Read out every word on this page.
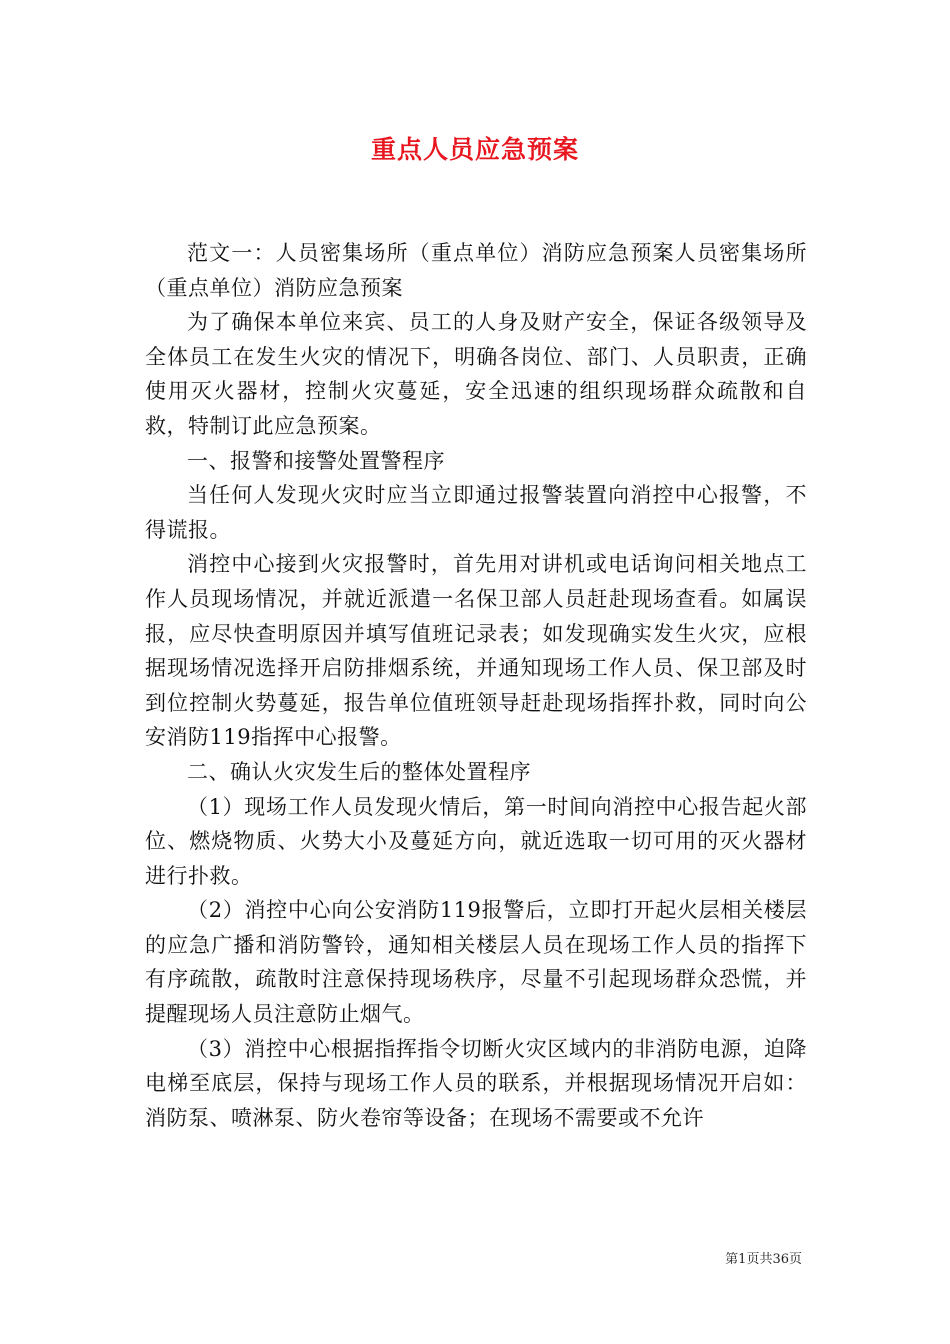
重点人员应急预案

范文一：人员密集场所（重点单位）消防应急预案人员密集场所（重点单位）消防应急预案

为了确保本单位来宾、员工的人身及财产安全，保证各级领导及全体员工在发生火灾的情况下，明确各岗位、部门、人员职责，正确使用灭火器材，控制火灾蔓延，安全迅速的组织现场群众疏散和自救，特制订此应急预案。

一、报警和接警处置警程序

当任何人发现火灾时应当立即通过报警装置向消控中心报警，不得谎报。

消控中心接到火灾报警时，首先用对讲机或电话询问相关地点工作人员现场情况，并就近派遣一名保卫部人员赶赴现场查看。如属误报，应尽快查明原因并填写值班记录表；如发现确实发生火灾，应根据现场情况选择开启防排烟系统，并通知现场工作人员、保卫部及时到位控制火势蔓延，报告单位值班领导赶赴现场指挥扑救，同时向公安消防119指挥中心报警。

二、确认火灾发生后的整体处置程序

（1）现场工作人员发现火情后，第一时间向消控中心报告起火部位、燃烧物质、火势大小及蔓延方向，就近选取一切可用的灭火器材进行扑救。

（2）消控中心向公安消防119报警后，立即打开起火层相关楼层的应急广播和消防警铃，通知相关楼层人员在现场工作人员的指挥下有序疏散，疏散时注意保持现场秩序，尽量不引起现场群众恐慌，并提醒现场人员注意防止烟气。

（3）消控中心根据指挥指令切断火灾区域内的非消防电源，迫降电梯至底层，保持与现场工作人员的联系，并根据现场情况开启如：消防泵、喷淋泵、防火卷帘等设备；在现场不需要或不允许

第1页共36页
